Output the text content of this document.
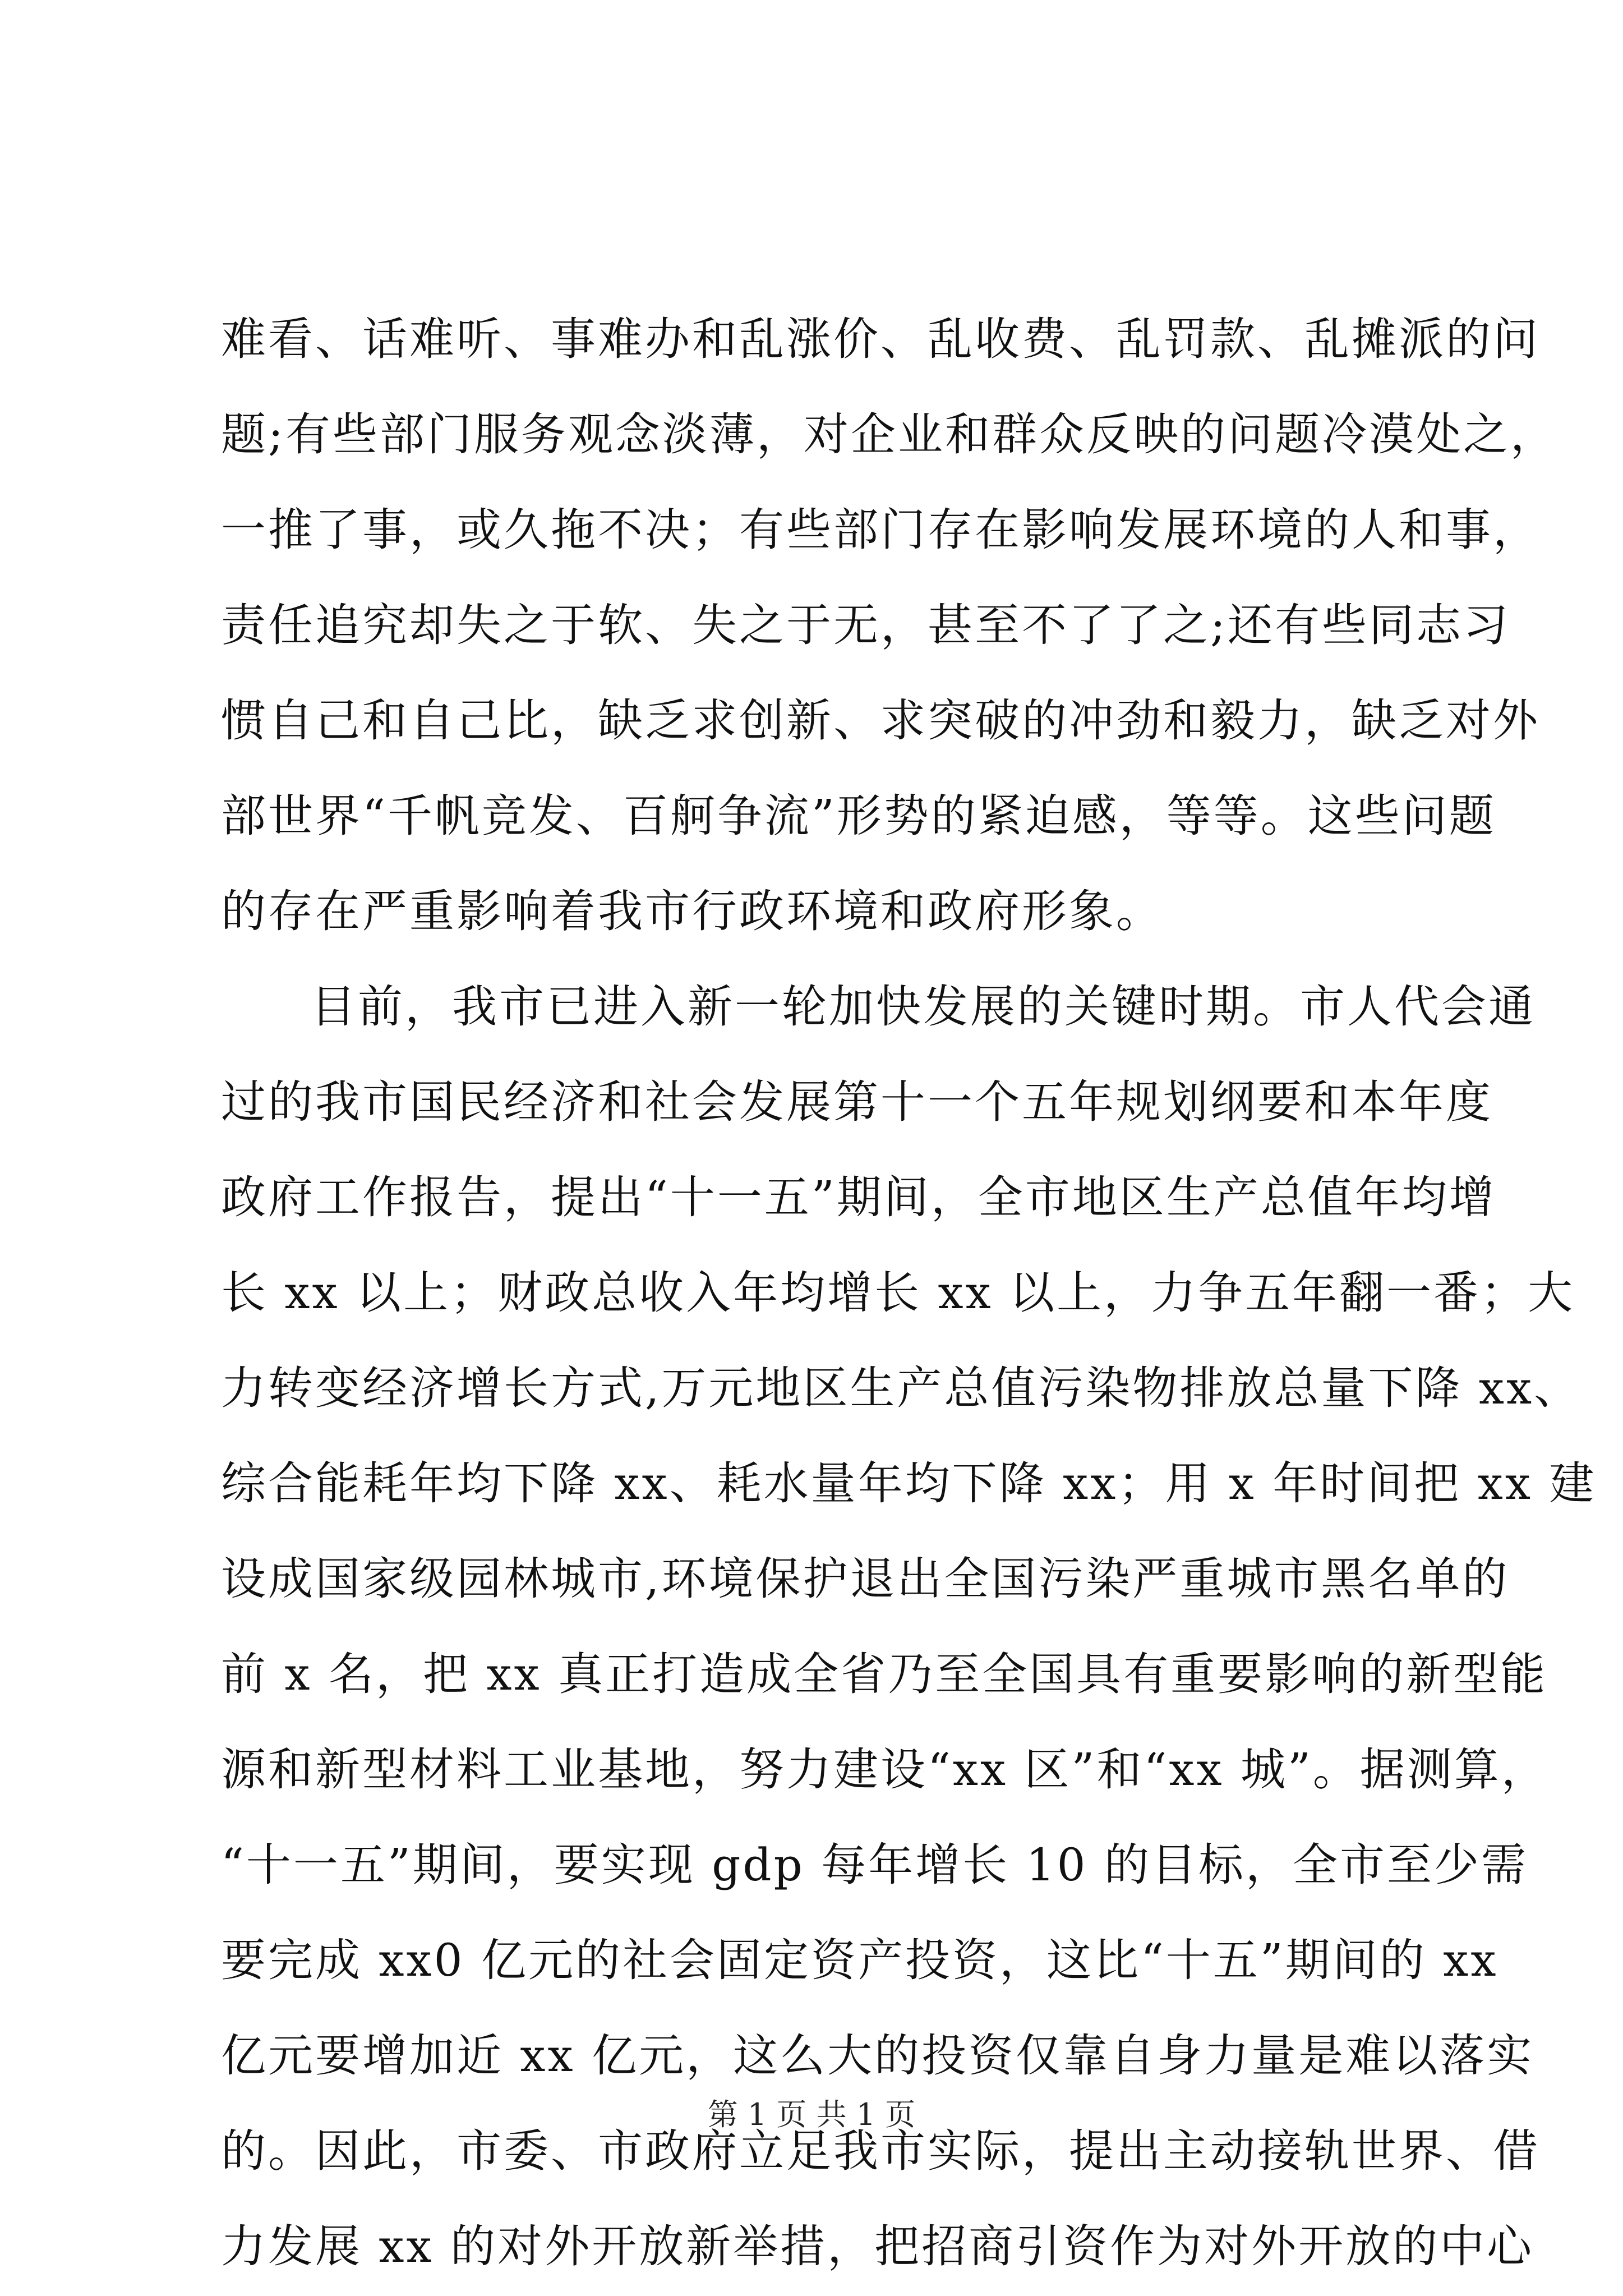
难看、话难听、事难办和乱涨价、乱收费、乱罚款、乱摊派的问
题;有些部门服务观念淡薄，对企业和群众反映的问题冷漠处之，
一推了事，或久拖不决；有些部门存在影响发展环境的人和事，
责任追究却失之于软、失之于无，甚至不了了之;还有些同志习
惯自己和自己比，缺乏求创新、求突破的冲劲和毅力，缺乏对外
部世界“千帆竞发、百舸争流”形势的紧迫感，等等。这些问题
的存在严重影响着我市行政环境和政府形象。
目前，我市已进入新一轮加快发展的关键时期。市人代会通
过的我市国民经济和社会发展第十一个五年规划纲要和本年度
政府工作报告，提出“十一五”期间，全市地区生产总值年均增
长 xx 以上；财政总收入年均增长 xx 以上，力争五年翻一番；大
力转变经济增长方式,万元地区生产总值污染物排放总量下降 xx、
综合能耗年均下降 xx、耗水量年均下降 xx；用 x 年时间把 xx 建
设成国家级园林城市,环境保护退出全国污染严重城市黑名单的
前 x 名，把 xx 真正打造成全省乃至全国具有重要影响的新型能
源和新型材料工业基地，努力建设“xx 区”和“xx 城”。据测算，
“十一五”期间，要实现 gdp 每年增长 10 的目标，全市至少需
要完成 xx0 亿元的社会固定资产投资，这比“十五”期间的 xx
亿元要增加近 xx 亿元，这么大的投资仅靠自身力量是难以落实
的。因此，市委、市政府立足我市实际，提出主动接轨世界、借
力发展 xx 的对外开放新举措，把招商引资作为对外开放的中心
第 1 页 共 1 页
